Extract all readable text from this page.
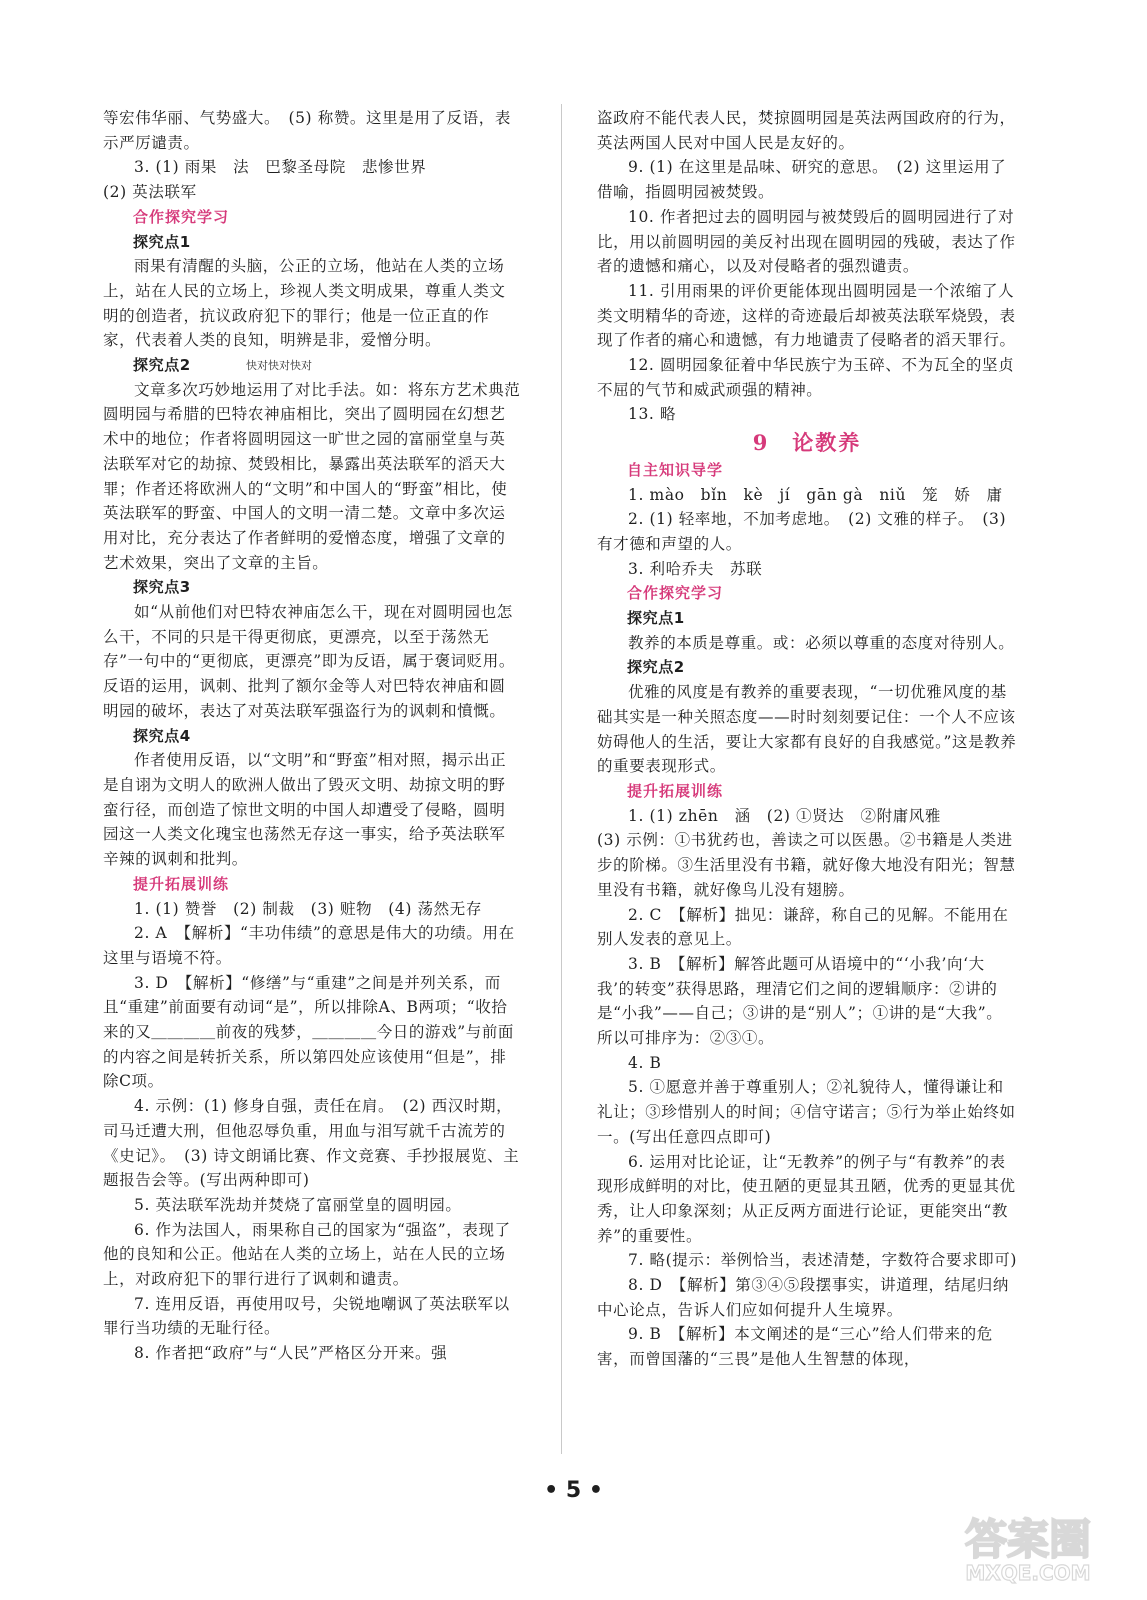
等宏伟华丽、气势盛大。　(5) 称赞。这里是用了反语，表示严厉谴责。

3. (1) 雨果　法　巴黎圣母院　悲惨世界

(2) 英法联军

合作探究学习

探究点1

雨果有清醒的头脑，公正的立场，他站在人类的立场上，站在人民的立场上，珍视人类文明成果，尊重人类文明的创造者，抗议政府犯下的罪行；他是一位正直的作家，代表着人类的良知，明辨是非，爱憎分明。

探究点2

文章多次巧妙地运用了对比手法。如：将东方艺术典范圆明园与希腊的巴特农神庙相比，突出了圆明园在幻想艺术中的地位；作者将圆明园这一旷世之园的富丽堂皇与英法联军对它的劫掠、焚毁相比，暴露出英法联军的滔天大罪；作者还将欧洲人的“文明”和中国人的“野蛮”相比，使英法联军的野蛮、中国人的文明一清二楚。文章中多次运用对比，充分表达了作者鲜明的爱憎态度，增强了文章的艺术效果，突出了文章的主旨。

探究点3

如“从前他们对巴特农神庙怎么干，现在对圆明园也怎么干，不同的只是干得更彻底，更漂亮，以至于荡然无存”一句中的“更彻底，更漂亮”即为反语，属于褒词贬用。反语的运用，讽刺、批判了额尔金等人对巴特农神庙和圆明园的破坏，表达了对英法联军强盗行为的讽刺和憤慨。

探究点4

作者使用反语，以“文明”和“野蛮”相对照，揭示出正是自诩为文明人的欧洲人做出了毁灭文明、劫掠文明的野蛮行径，而创造了惊世文明的中国人却遭受了侵略，圆明园这一人类文化瑰宝也荡然无存这一事实，给予英法联军辛辣的讽刺和批判。

提升拓展训练

1. (1) 赞誉　(2) 制裁　(3) 赃物　(4) 荡然无存

2. A　【解析】“丰功伟绩”的意思是伟大的功绩。用在这里与语境不符。

3. D　【解析】“修缮”与“重建”之间是并列关系，而且“重建”前面要有动词“是”，所以排除A、B两项；“收拾来的又＿＿＿＿前夜的残梦，＿＿＿＿今日的游戏”与前面的内容之间是转折关系，所以第四处应该使用“但是”，排除C项。

4. 示例：(1) 修身自强，责任在肩。　(2) 西汉时期，司马迁遭大刑，但他忍辱负重，用血与泪写就千古流芳的《史记》。　(3) 诗文朗诵比赛、作文竞赛、手抄报展览、主题报告会等。(写出两种即可)

5. 英法联军洗劫并焚烧了富丽堂皇的圆明园。

6. 作为法国人，雨果称自己的国家为“强盗”，表现了他的良知和公正。他站在人类的立场上，站在人民的立场上，对政府犯下的罪行进行了讽刺和谴责。

7. 连用反语，再使用叹号，尖锐地嘲讽了英法联军以罪行当功绩的无耻行径。

8. 作者把“政府”与“人民”严格区分开来。强

盗政府不能代表人民，焚掠圆明园是英法两国政府的行为，英法两国人民对中国人民是友好的。

9. (1) 在这里是品味、研究的意思。　(2) 这里运用了借喻，指圆明园被焚毁。

10. 作者把过去的圆明园与被焚毁后的圆明园进行了对比，用以前圆明园的美反衬出现在圆明园的残破，表达了作者的遗憾和痛心，以及对侵略者的强烈谴责。

11. 引用雨果的评价更能体现出圆明园是一个浓缩了人类文明精华的奇迹，这样的奇迹最后却被英法联军烧毁，表现了作者的痛心和遗憾，有力地谴责了侵略者的滔天罪行。

12. 圆明园象征着中华民族宁为玉碎、不为瓦全的坚贞不屈的气节和威武顽强的精神。

13. 略

9　论教养

自主知识导学

1. mào　bǐn　kè　jí　gān gà　niǔ　笼　娇　庸

2. (1) 轻率地，不加考虑地。　(2) 文雅的样子。　(3) 有才德和声望的人。

3. 利哈乔夫　苏联

合作探究学习

探究点1

教养的本质是尊重。或：必须以尊重的态度对待别人。

探究点2

优雅的风度是有教养的重要表现，“一切优雅风度的基础其实是一种关照态度——时时刻刻要记住：一个人不应该妨碍他人的生活，要让大家都有良好的自我感觉。”这是教养的重要表现形式。

提升拓展训练

1. (1) zhēn　涵　(2) ①贤达　②附庸风雅

(3) 示例：①书犹药也，善读之可以医愚。②书籍是人类进步的阶梯。③生活里没有书籍，就好像大地没有阳光；智慧里没有书籍，就好像鸟儿没有翅膀。

2. C　【解析】拙见：谦辞，称自己的见解。不能用在别人发表的意见上。

3. B　【解析】解答此题可从语境中的“‘小我’向‘大我’的转变”获得思路，理清它们之间的逻辑顺序：②讲的是“小我”——自己；③讲的是“别人”；①讲的是“大我”。所以可排序为：②③①。

4. B

5. ①愿意并善于尊重别人；②礼貌待人，懂得谦让和礼让；③珍惜别人的时间；④信守诺言；⑤行为举止始终如一。(写出任意四点即可)

6. 运用对比论证，让“无教养”的例子与“有教养”的表现形成鲜明的对比，使丑陋的更显其丑陋，优秀的更显其优秀，让人印象深刻；从正反两方面进行论证，更能突出“教养”的重要性。

7. 略(提示：举例恰当，表述清楚，字数符合要求即可)

8. D　【解析】第③④⑤段摆事实，讲道理，结尾归纳中心论点，告诉人们应如何提升人生境界。

9. B　【解析】本文阐述的是“三心”给人们带来的危害，而曾国藩的“三畏”是他人生智慧的体现，

快对快对快对
• 5 •
答案圈
MXQE.COM
